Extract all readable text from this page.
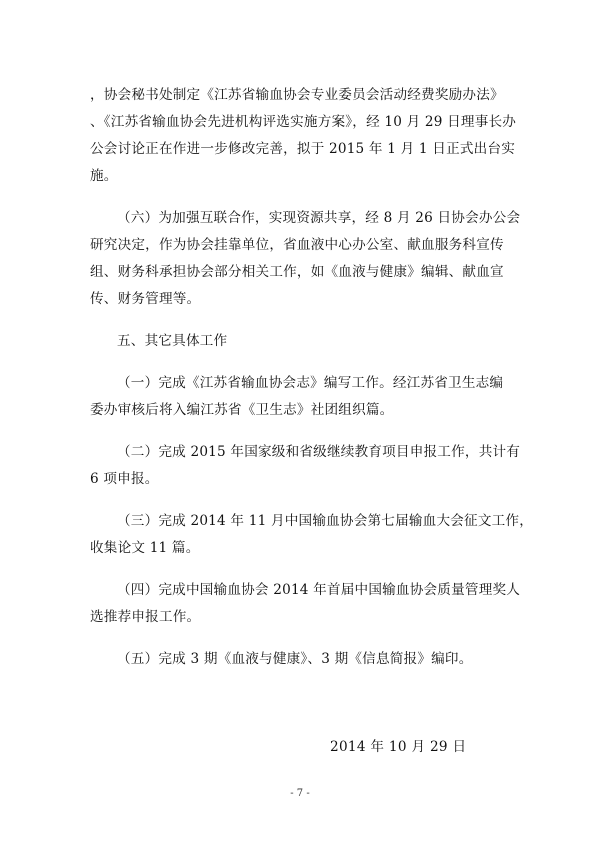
，协会秘书处制定《江苏省输血协会专业委员会活动经费奖励办法》
、《江苏省输血协会先进机构评选实施方案》，经 10 月 29 日理事长办
公会讨论正在作进一步修改完善，拟于 2015 年 1 月 1 日正式出台实
施。
（六）为加强互联合作，实现资源共享，经 8 月 26 日协会办公会
研究决定，作为协会挂靠单位，省血液中心办公室、献血服务科宣传
组、财务科承担协会部分相关工作，如《血液与健康》编辑、献血宣
传、财务管理等。
五、其它具体工作
（一）完成《江苏省输血协会志》编写工作。经江苏省卫生志编
委办审核后将入编江苏省《卫生志》社团组织篇。
（二）完成 2015 年国家级和省级继续教育项目申报工作，共计有
6 项申报。
（三）完成 2014 年 11 月中国输血协会第七届输血大会征文工作，
收集论文 11 篇。
（四）完成中国输血协会 2014 年首届中国输血协会质量管理奖人
选推荐申报工作。
（五）完成 3 期《血液与健康》、3 期《信息简报》编印。
2014 年 10 月 29 日
- 7 -
